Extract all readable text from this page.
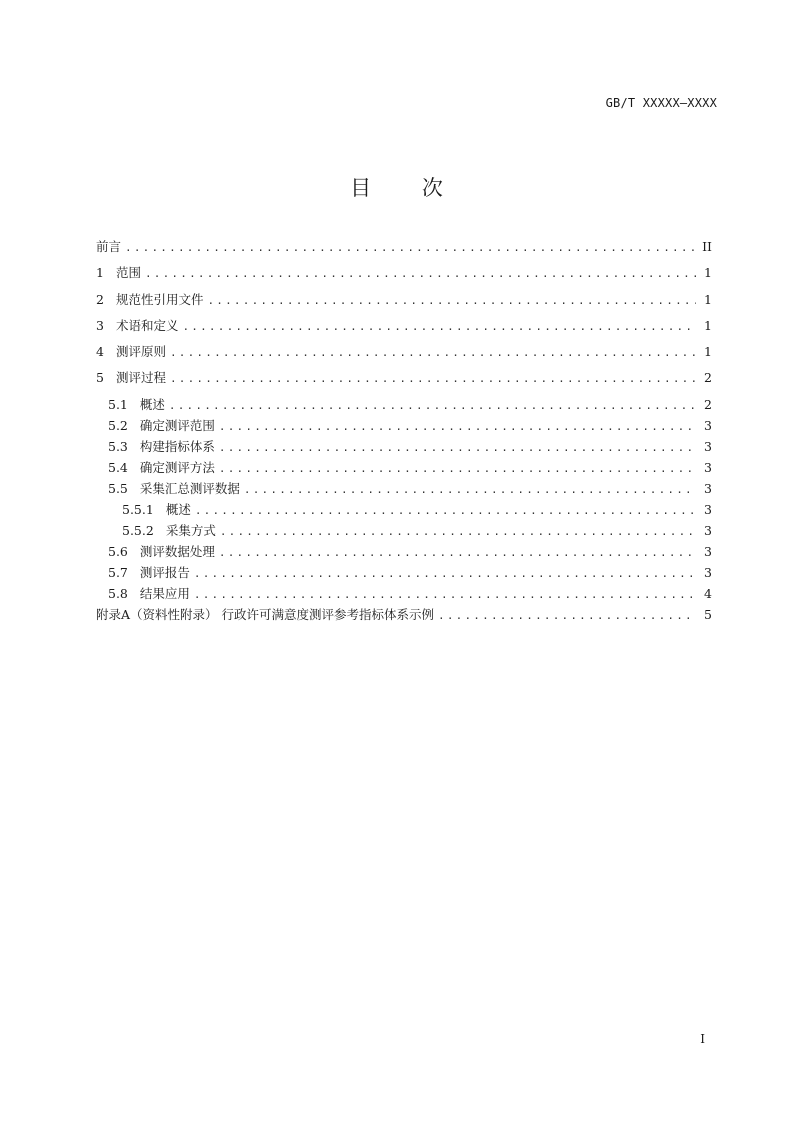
GB/T XXXXX—XXXX
目 次
前言 .....	II
1 范围 .....	1
2 规范性引用文件 .....	1
3 术语和定义 .....	1
4 测评原则 .....	1
5 测评过程 .....	2
5.1 概述 .....	2
5.2 确定测评范围 .....	3
5.3 构建指标体系 .....	3
5.4 确定测评方法 .....	3
5.5 采集汇总测评数据 .....	3
5.5.1 概述 .....	3
5.5.2 采集方式 .....	3
5.6 测评数据处理 .....	3
5.7 测评报告 .....	3
5.8 结果应用 .....	4
附录A（资料性附录） 行政许可满意度测评参考指标体系示例 .....	5
I
